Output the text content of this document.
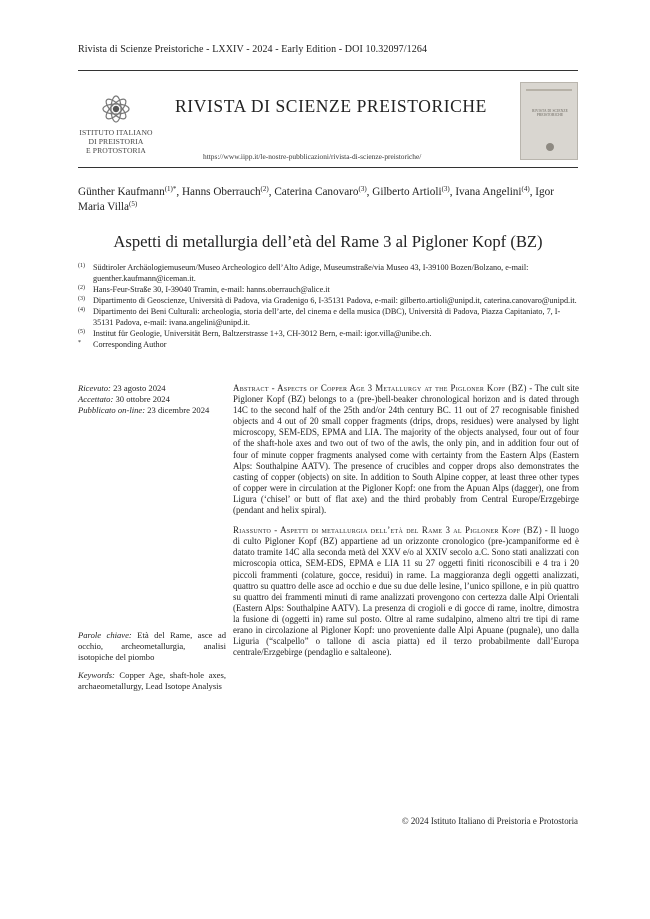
Rivista di Scienze Preistoriche - LXXIV - 2024 - Early Edition - DOI 10.32097/1264
ISTITUTO ITALIANO
DI PREISTORIA
E PROTOSTORIA
RIVISTA DI SCIENZE PREISTORICHE
https://www.iipp.it/le-nostre-pubblicazioni/rivista-di-scienze-preistoriche/
RIVISTA DI SCIENZE PREISTORICHE
Günther Kaufmann$^{(1)*}$, Hanns Oberrauch$^{(2)}$, Caterina Canovaro$^{(3)}$, Gilberto Artioli$^{(3)}$, Ivana Angelini$^{(4)}$, Igor Maria Villa$^{(5)}$
Aspetti di metallurgia dell’età del Rame 3 al Pigloner Kopf (BZ)
(1) Südtiroler Archäologiemuseum/Museo Archeologico dell’Alto Adige, Museumstraße/via Museo 43, I-39100 Bozen/Bolzano, e-mail: guenther.kaufmann@iceman.it.
(2) Hans-Feur-Straße 30, I-39040 Tramin, e-mail: hanns.oberrauch@alice.it
(3) Dipartimento di Geoscienze, Università di Padova, via Gradenigo 6, I-35131 Padova, e-mail: gilberto.artioli@unipd.it, caterina.canovaro@unipd.it.
(4) Dipartimento dei Beni Culturali: archeologia, storia dell’arte, del cinema e della musica (DBC), Università di Padova, Piazza Capitaniato, 7, I-35131 Padova, e-mail: ivana.angelini@unipd.it.
(5) Institut für Geologie, Universität Bern, Baltzerstrasse 1+3, CH-3012 Bern, e-mail: igor.villa@unibe.ch.
*	Corresponding Author
Ricevuto: 23 agosto 2024
Accettato: 30 ottobre 2024
Pubblicato on-line: 23 dicembre 2024

Parole chiave: Età del Rame, asce ad occhio, archeometallurgia, analisi isotopiche del piombo

Keywords: Copper Age, shaft-hole axes, archaeometallurgy, Lead Isotope Analysis

Abstract - Aspects of Copper Age 3 Metallurgy at the Pigloner Kopf (BZ) - The cult site Pigloner Kopf (BZ) belongs to a (pre-)bell-beaker chronological horizon and is dated through 14C to the second half of the 25th and/or 24th century BC. 11 out of 27 recognisable finished objects and 4 out of 20 small copper fragments (drips, drops, residues) were analysed by light microscopy, SEM-EDS, EPMA and LIA. The majority of the objects analysed, four out of four of the shaft-hole axes and two out of two of the awls, the only pin, and in addition four out of four of minute copper fragments analysed come with certainty from the Eastern Alps (Eastern Alps: Southalpine AATV). The presence of crucibles and copper drops also demonstrates the casting of copper (objects) on site. In addition to South Alpine copper, at least three other types of copper were in circulation at the Pigloner Kopf: one from the Apuan Alps (dagger), one from Ligura (‘chisel’ or butt of flat axe) and the third probably from Central Europe/Erzgebirge (pendant and helix spiral).

Riassunto - Aspetti di metallurgia dell’età del Rame 3 al Pigloner Kopf (BZ) - Il luogo di culto Pigloner Kopf (BZ) appartiene ad un orizzonte cronologico (pre-)campaniforme ed è datato tramite 14C alla seconda metà del XXV e/o al XXIV secolo a.C. Sono stati analizzati con microscopia ottica, SEM-EDS, EPMA e LIA 11 su 27 oggetti finiti riconoscibili e 4 tra i 20 piccoli frammenti (colature, gocce, residui) in rame. La maggioranza degli oggetti analizzati, quattro su quattro delle asce ad occhio e due su due delle lesine, l’unico spillone, e in più quattro su quattro dei frammenti minuti di rame analizzati provengono con certezza dalle Alpi Orientali (Eastern Alps: Southalpine AATV). La presenza di crogioli e di gocce di rame, inoltre, dimostra la fusione di (oggetti in) rame sul posto. Oltre al rame sudalpino, almeno altri tre tipi di rame erano in circolazione al Pigloner Kopf: uno proveniente dalle Alpi Apuane (pugnale), uno dalla Liguria (“scalpello” o tallone di ascia piatta) ed il terzo probabilmente dall’Europa centrale/Erzgebirge (pendaglio e saltaleone).

© 2024 Istituto Italiano di Preistoria e Protostoria
